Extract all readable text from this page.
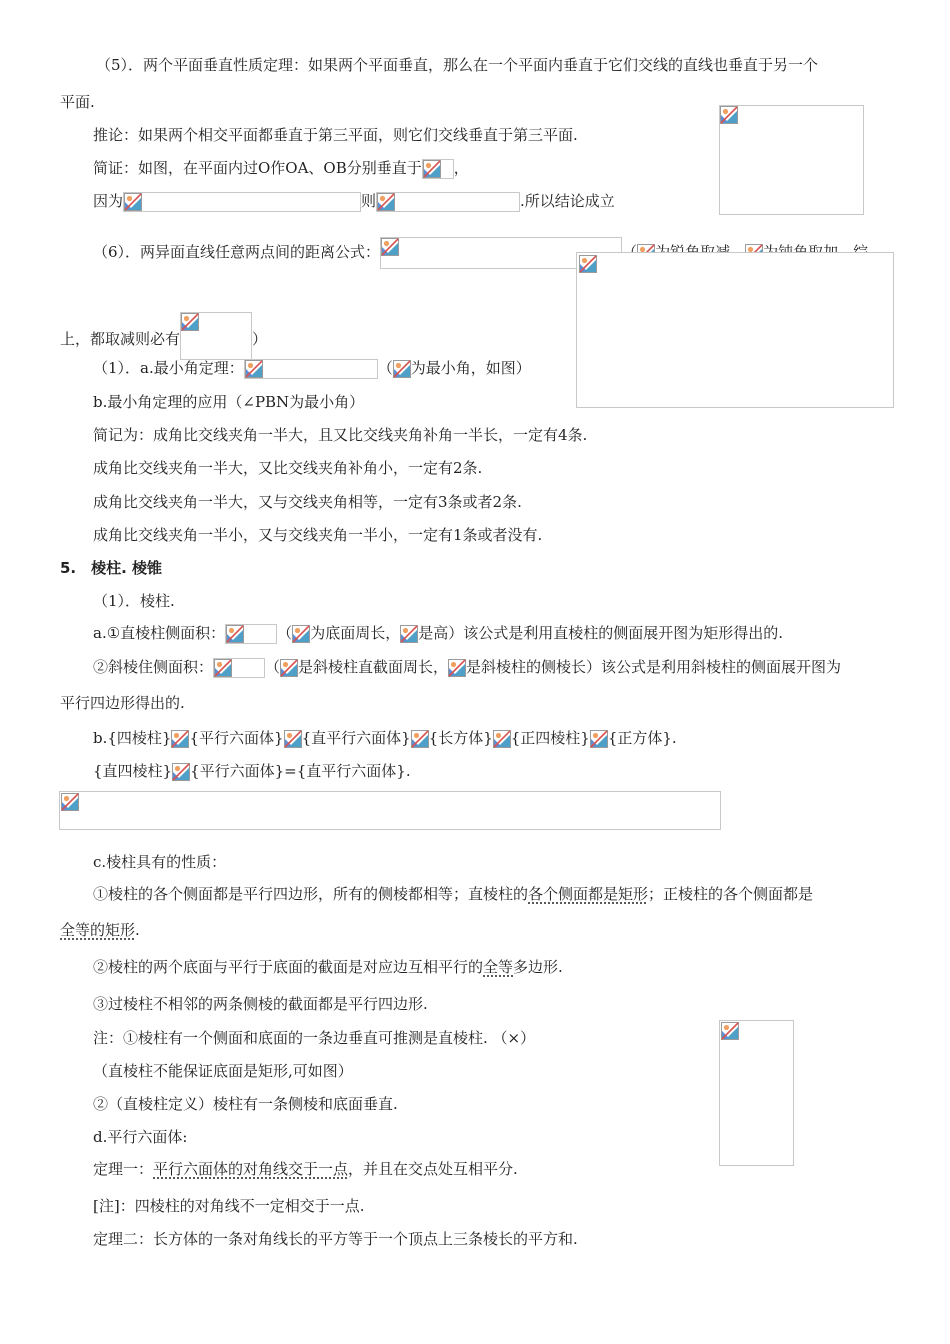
（5）．两个平面垂直性质定理：如果两个平面垂直，那么在一个平面内垂直于它们交线的直线也垂直于另一个
平面.
推论：如果两个相交平面都垂直于第三平面，则它们交线垂直于第三平面.
简证：如图，在平面内过O作OA、OB分别垂直于 ，
因为	则	.所以结论成立
（6）．两异面直线任意两点间的距离公式：
上，都取减则必有	）
（1）．a.最小角定理：	（ 为最小角，如图）
b.最小角定理的应用（∠PBN为最小角）
简记为：成角比交线夹角一半大，且又比交线夹角补角一半长，一定有4条.
成角比交线夹角一半大，又比交线夹角补角小，一定有2条.
成角比交线夹角一半大，又与交线夹角相等，一定有3条或者2条.
成角比交线夹角一半小，又与交线夹角一半小，一定有1条或者没有.
5.　棱柱. 棱锥
（1）．棱柱.
a.①直棱柱侧面积：	（ 为底面周长， 是高）该公式是利用直棱柱的侧面展开图为矩形得出的.
②斜棱住侧面积：	（ 是斜棱柱直截面周长， 是斜棱柱的侧棱长）该公式是利用斜棱柱的侧面展开图为
平行四边形得出的.
b.{四棱柱} {平行六面体} {直平行六面体} {长方体} {正四棱柱} {正方体}.
{直四棱柱} {平行六面体}={直平行六面体}.
c.棱柱具有的性质：
①棱柱的各个侧面都是平行四边形，所有的侧棱都相等；直棱柱的各个侧面都是矩形；正棱柱的各个侧面都是
全等的矩形.
②棱柱的两个底面与平行于底面的截面是对应边互相平行的全等多边形.
③过棱柱不相邻的两条侧棱的截面都是平行四边形.
注：①棱柱有一个侧面和底面的一条边垂直可推测是直棱柱. （×）
（直棱柱不能保证底面是矩形,可如图）
②（直棱柱定义）棱柱有一条侧棱和底面垂直.
d.平行六面体:
定理一：平行六面体的对角线交于一点，并且在交点处互相平分.
[注]：四棱柱的对角线不一定相交于一点.
定理二：长方体的一条对角线长的平方等于一个顶点上三条棱长的平方和.
